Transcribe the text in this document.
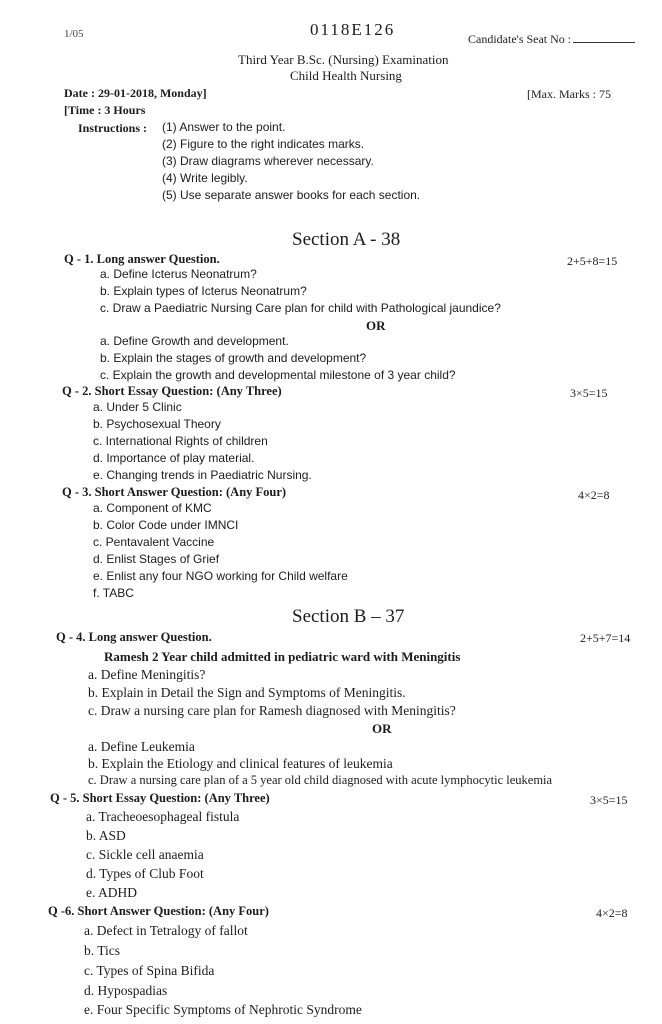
1/05	0118E126	Candidate's Seat No :
Third Year B.Sc. (Nursing) Examination
Child Health Nursing
Date : 29-01-2018, Monday]	[Max. Marks : 75
[Time : 3 Hours
Instructions : (1) Answer to the point.
(2) Figure to the right indicates marks.
(3) Draw diagrams wherever necessary.
(4) Write legibly.
(5) Use separate answer books for each section.
Section A - 38
Q - 1. Long answer Question.	2+5+8=15
a. Define Icterus Neonatrum?
b. Explain types of Icterus Neonatrum?
c. Draw a Paediatric Nursing Care plan for child with Pathological jaundice?
OR
a. Define Growth and development.
b. Explain the stages of growth and development?
c. Explain the growth and developmental milestone of 3 year child?
Q - 2. Short Essay Question: (Any Three)	3×5=15
a. Under 5 Clinic
b. Psychosexual Theory
c. International Rights of children
d. Importance of play material.
e. Changing trends in Paediatric Nursing.
Q - 3. Short Answer Question: (Any Four)	4×2=8
a. Component of KMC
b. Color Code under IMNCI
c. Pentavalent Vaccine
d. Enlist Stages of Grief
e. Enlist any four NGO working for Child welfare
f. TABC
Section B – 37
Q - 4. Long answer Question.	2+5+7=14
Ramesh 2 Year child admitted in pediatric ward with Meningitis
a. Define Meningitis?
b. Explain in Detail the Sign and Symptoms of Meningitis.
c. Draw a nursing care plan for Ramesh diagnosed with Meningitis?
OR
a. Define Leukemia
b. Explain the Etiology and clinical features of leukemia
c. Draw a nursing care plan of a 5 year old child diagnosed with acute lymphocytic leukemia
Q - 5. Short Essay Question: (Any Three)	3×5=15
a. Tracheoesophageal fistula
b. ASD
c. Sickle cell anaemia
d. Types of Club Foot
e. ADHD
Q -6. Short Answer Question: (Any Four)	4×2=8
a. Defect in Tetralogy of fallot
b. Tics
c. Types of Spina Bifida
d. Hypospadias
e. Four Specific Symptoms of Nephrotic Syndrome
